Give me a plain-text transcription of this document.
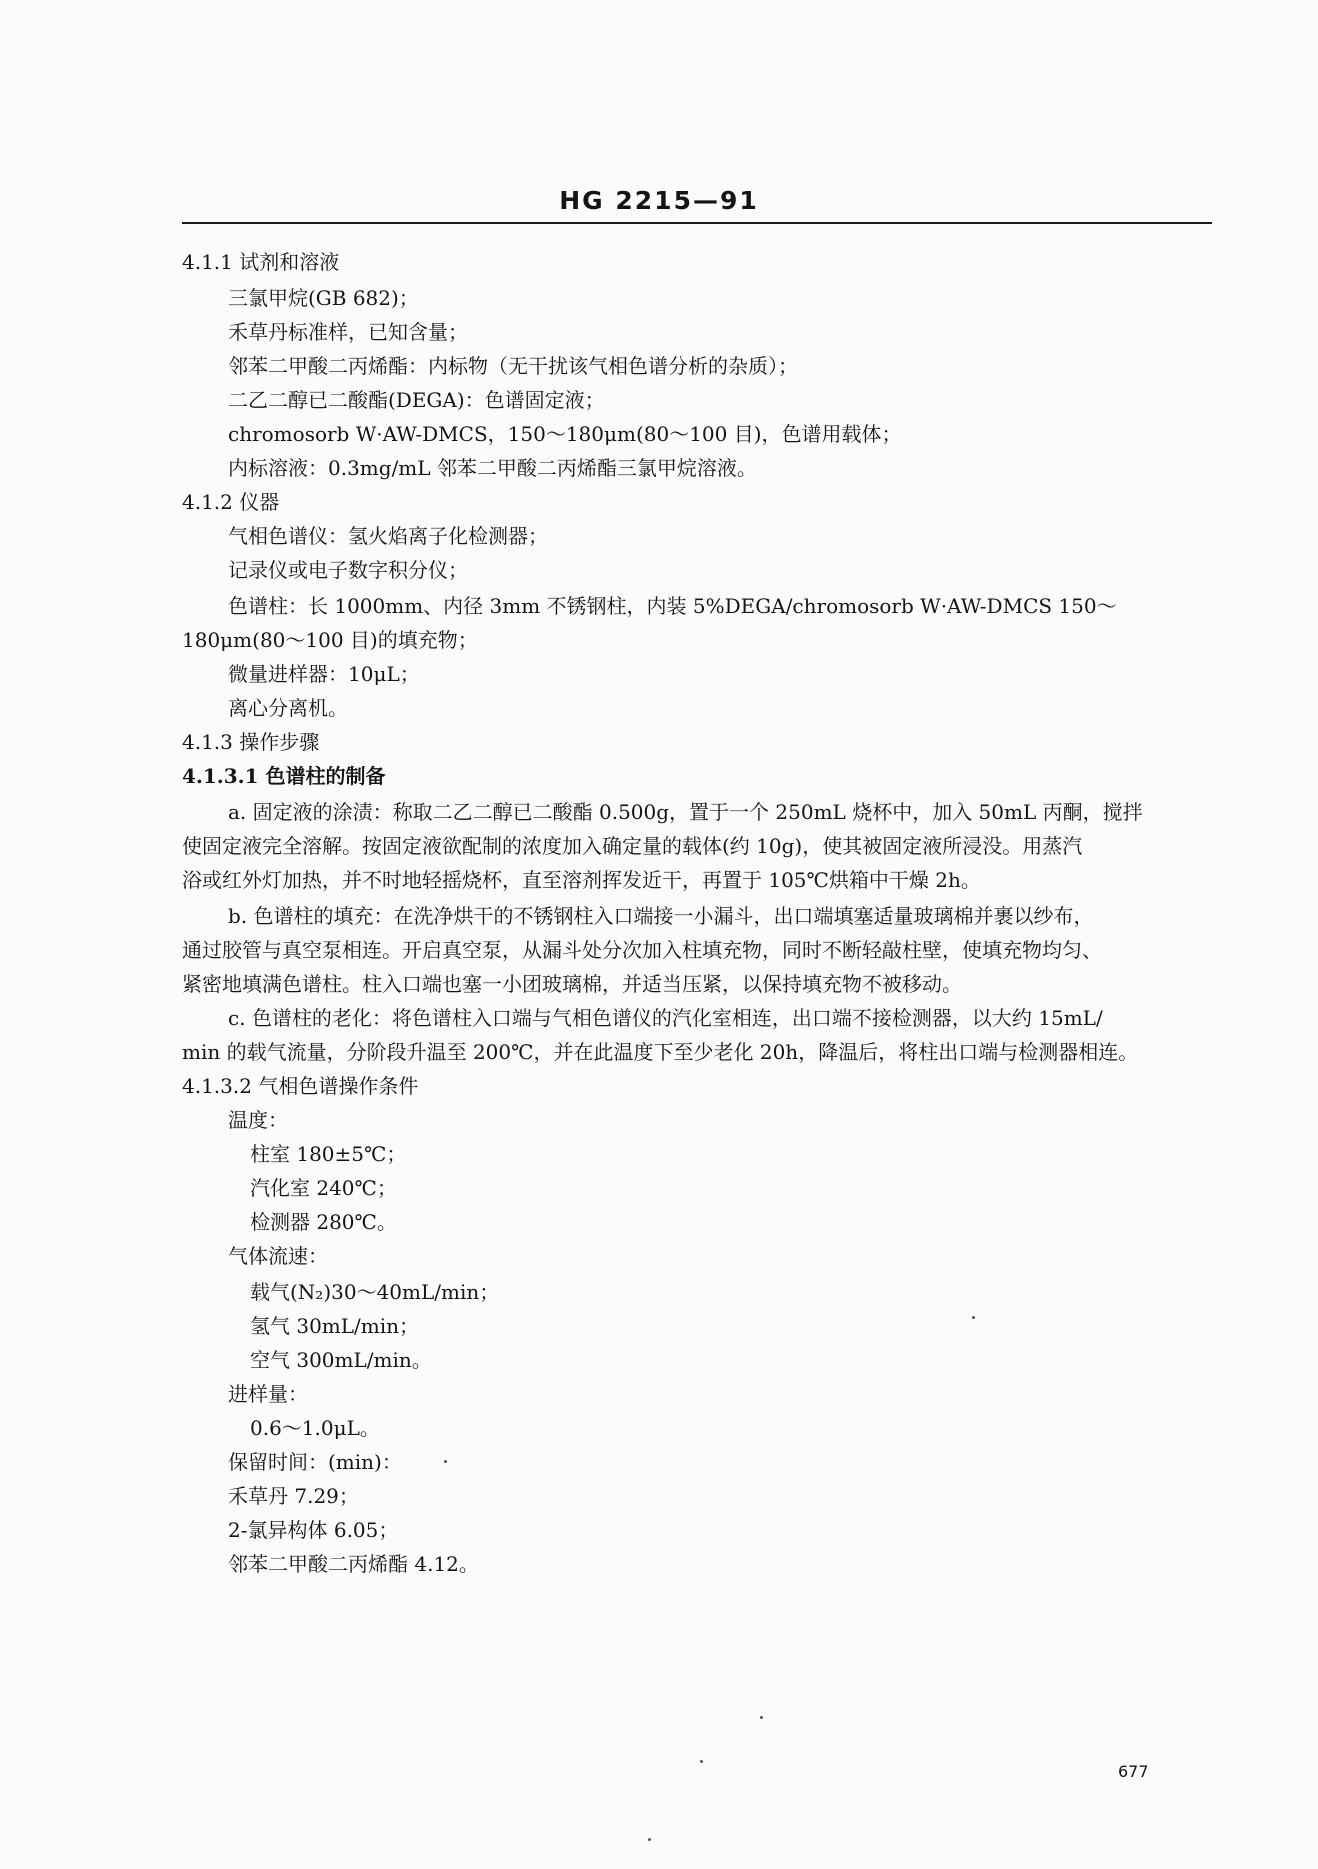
HG 2215—91
4.1.1 试剂和溶液
三氯甲烷(GB 682)；
禾草丹标准样，已知含量；
邻苯二甲酸二丙烯酯：内标物（无干扰该气相色谱分析的杂质）；
二乙二醇已二酸酯(DEGA)：色谱固定液；
chromosorb W·AW-DMCS，150～180μm(80～100 目)，色谱用载体；
内标溶液：0.3mg/mL 邻苯二甲酸二丙烯酯三氯甲烷溶液。
4.1.2 仪器
气相色谱仪：氢火焰离子化检测器；
记录仪或电子数字积分仪；
色谱柱：长 1000mm、内径 3mm 不锈钢柱，内装 5%DEGA/chromosorb W·AW-DMCS 150～
180μm(80～100 目)的填充物；
微量进样器：10μL；
离心分离机。
4.1.3 操作步骤
4.1.3.1 色谱柱的制备
a. 固定液的涂渍：称取二乙二醇已二酸酯 0.500g，置于一个 250mL 烧杯中，加入 50mL 丙酮，搅拌
使固定液完全溶解。按固定液欲配制的浓度加入确定量的载体(约 10g)，使其被固定液所浸没。用蒸汽
浴或红外灯加热，并不时地轻摇烧杯，直至溶剂挥发近干，再置于 105℃烘箱中干燥 2h。
b. 色谱柱的填充：在洗净烘干的不锈钢柱入口端接一小漏斗，出口端填塞适量玻璃棉并裹以纱布，
通过胶管与真空泵相连。开启真空泵，从漏斗处分次加入柱填充物，同时不断轻敲柱壁，使填充物均匀、
紧密地填满色谱柱。柱入口端也塞一小团玻璃棉，并适当压紧，以保持填充物不被移动。
c. 色谱柱的老化：将色谱柱入口端与气相色谱仪的汽化室相连，出口端不接检测器，以大约 15mL/
min 的载气流量，分阶段升温至 200℃，并在此温度下至少老化 20h，降温后，将柱出口端与检测器相连。
4.1.3.2 气相色谱操作条件
温度：
柱室 180±5℃；
汽化室 240℃；
检测器 280℃。
气体流速：
载气(N₂)30～40mL/min；
氢气 30mL/min；
空气 300mL/min。
进样量：
0.6～1.0μL。
保留时间：(min)：
禾草丹 7.29；
2-氯异构体 6.05；
邻苯二甲酸二丙烯酯 4.12。
677
